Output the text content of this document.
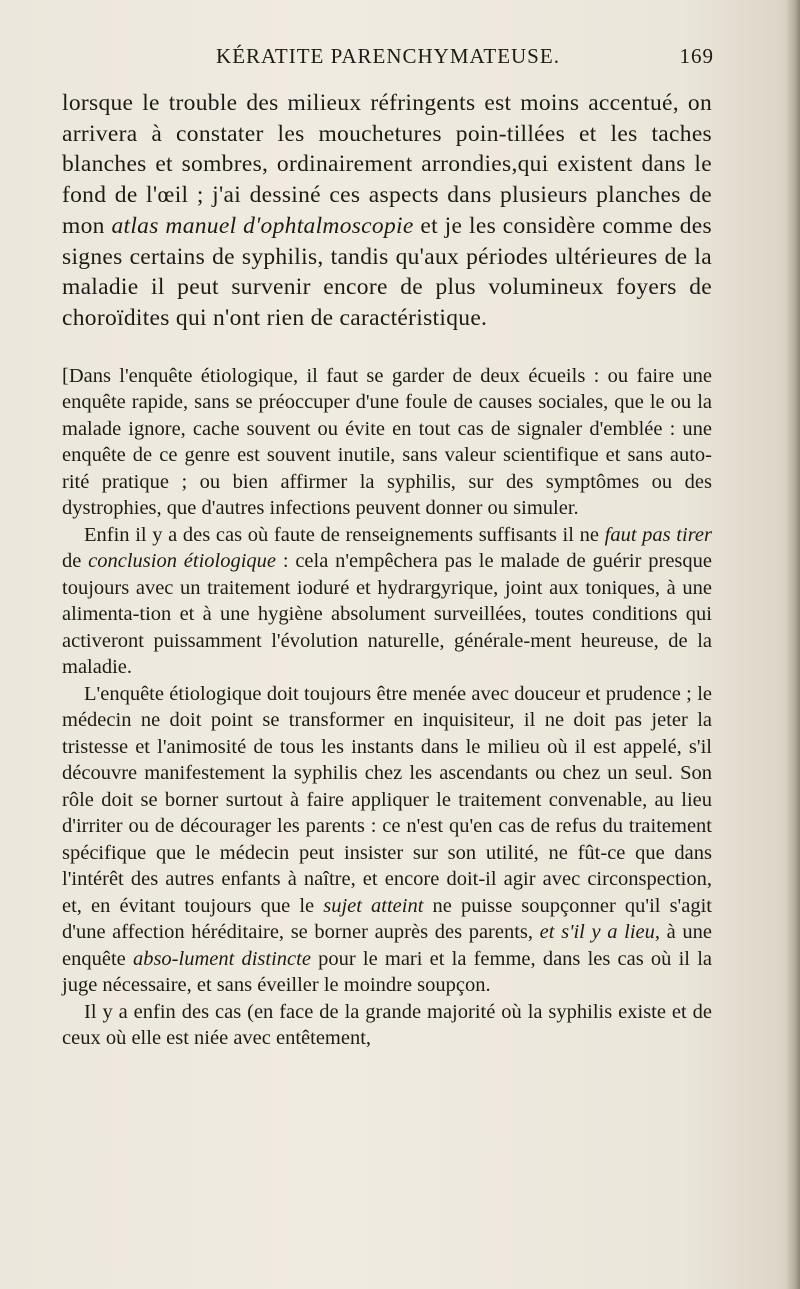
KÉRATITE PARENCHYMATEUSE.	169

lorsque le trouble des milieux réfringents est moins accentué, on arrivera à constater les mouchetures poin-tillées et les taches blanches et sombres, ordinairement arrondies,qui existent dans le fond de l'œil ; j'ai dessiné ces aspects dans plusieurs planches de mon atlas manuel d'ophtalmoscopie et je les considère comme des signes certains de syphilis, tandis qu'aux périodes ultérieures de la maladie il peut survenir encore de plus volumineux foyers de choroïdites qui n'ont rien de caractéristique.

[Dans l'enquête étiologique, il faut se garder de deux écueils : ou faire une enquête rapide, sans se préoccuper d'une foule de causes sociales, que le ou la malade ignore, cache souvent ou évite en tout cas de signaler d'emblée : une enquête de ce genre est souvent inutile, sans valeur scientifique et sans auto-rité pratique ; ou bien affirmer la syphilis, sur des symptômes ou des dystrophies, que d'autres infections peuvent donner ou simuler.

Enfin il y a des cas où faute de renseignements suffisants il ne faut pas tirer de conclusion étiologique : cela n'empêchera pas le malade de guérir presque toujours avec un traitement ioduré et hydrargyrique, joint aux toniques, à une alimenta-tion et à une hygiène absolument surveillées, toutes conditions qui activeront puissamment l'évolution naturelle, générale-ment heureuse, de la maladie.

L'enquête étiologique doit toujours être menée avec douceur et prudence ; le médecin ne doit point se transformer en inquisiteur, il ne doit pas jeter la tristesse et l'animosité de tous les instants dans le milieu où il est appelé, s'il découvre manifestement la syphilis chez les ascendants ou chez un seul. Son rôle doit se borner surtout à faire appliquer le traitement convenable, au lieu d'irriter ou de décourager les parents : ce n'est qu'en cas de refus du traitement spécifique que le médecin peut insister sur son utilité, ne fût-ce que dans l'intérêt des autres enfants à naître, et encore doit-il agir avec circonspection, et, en évitant toujours que le sujet atteint ne puisse soupçonner qu'il s'agit d'une affection héréditaire, se borner auprès des parents, et s'il y a lieu, à une enquête abso-lument distincte pour le mari et la femme, dans les cas où il la juge nécessaire, et sans éveiller le moindre soupçon.

Il y a enfin des cas (en face de la grande majorité où la syphilis existe et de ceux où elle est niée avec entêtement,
